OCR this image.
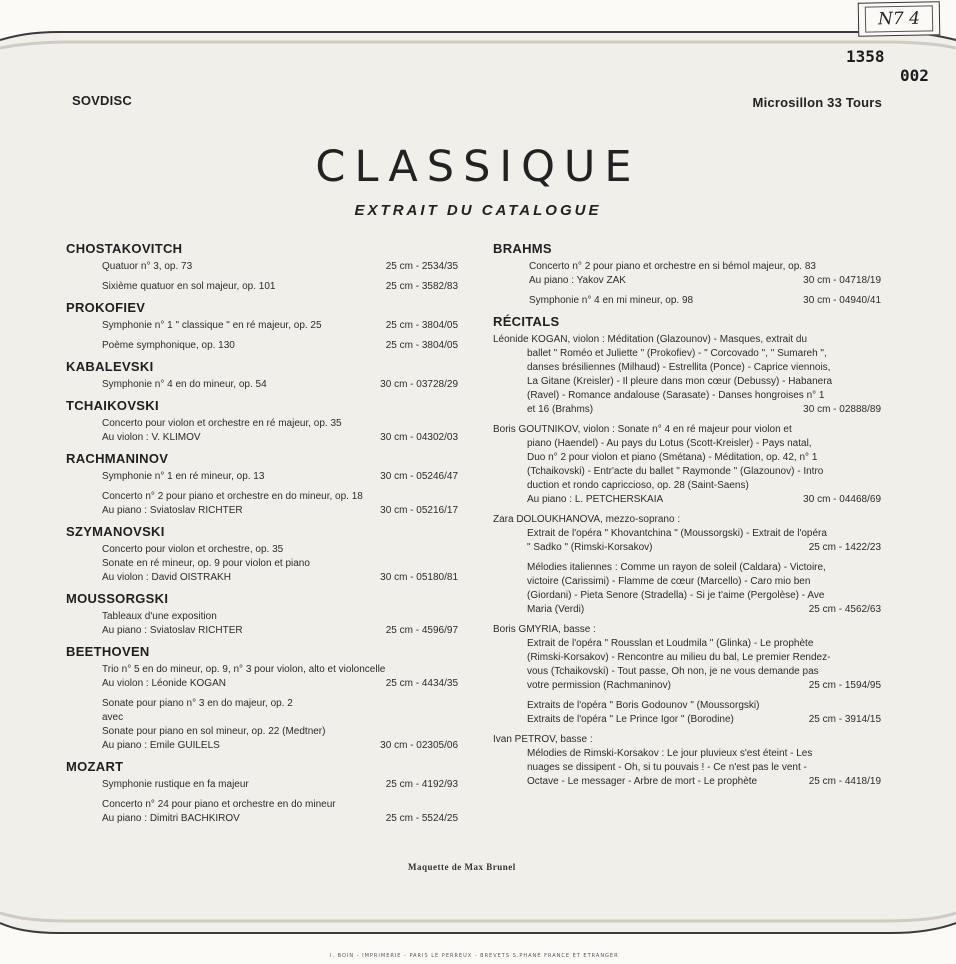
N7 4
1358
002
SOVDISC	Microsillon 33 Tours
CLASSIQUE
EXTRAIT DU CATALOGUE
CHOSTAKOVITCH
Quatuor n° 3, op. 73	25 cm - 2534/35
Sixième quatuor en sol majeur, op. 101	25 cm - 3582/83
PROKOFIEV
Symphonie n° 1 " classique " en ré majeur, op. 25	25 cm - 3804/05
Poème symphonique, op. 130	25 cm - 3804/05
KABALEVSKI
Symphonie n° 4 en do mineur, op. 54	30 cm - 03728/29
TCHAIKOVSKI
Concerto pour violon et orchestre en ré majeur, op. 35
Au violon : V. KLIMOV	30 cm - 04302/03
RACHMANINOV
Symphonie n° 1 en ré mineur, op. 13	30 cm - 05246/47
Concerto n° 2 pour piano et orchestre en do mineur, op. 18
Au piano : Sviatoslav RICHTER	30 cm - 05216/17
SZYMANOVSKI
Concerto pour violon et orchestre, op. 35
Sonate en ré mineur, op. 9 pour violon et piano
Au violon : David OISTRAKH	30 cm - 05180/81
MOUSSORGSKI
Tableaux d'une exposition
Au piano : Sviatoslav RICHTER	25 cm - 4596/97
BEETHOVEN
Trio n° 5 en do mineur, op. 9, n° 3 pour violon, alto et violoncelle
Au violon : Léonide KOGAN	25 cm - 4434/35
Sonate pour piano n° 3 en do majeur, op. 2
avec
Sonate pour piano en sol mineur, op. 22 (Medtner)
Au piano : Emile GUILELS	30 cm - 02305/06
MOZART
Symphonie rustique en fa majeur	25 cm - 4192/93
Concerto n° 24 pour piano et orchestre en do mineur
Au piano : Dimitri BACHKIROV	25 cm - 5524/25
BRAHMS
Concerto n° 2 pour piano et orchestre en si bémol majeur, op. 83
Au piano : Yakov ZAK	30 cm - 04718/19
Symphonie n° 4 en mi mineur, op. 98	30 cm - 04940/41
RÉCITALS
Léonide KOGAN, violon : Méditation (Glazounov) - Masques, extrait du
ballet " Roméo et Juliette " (Prokofiev) - " Corcovado ", " Sumareh ",
danses brésiliennes (Milhaud) - Estrellita (Ponce) - Caprice viennois,
La Gitane (Kreisler) - Il pleure dans mon cœur (Debussy) - Habanera
(Ravel) - Romance andalouse (Sarasate) - Danses hongroises n° 1
et 16 (Brahms)	30 cm - 02888/89
Boris GOUTNIKOV, violon : Sonate n° 4 en ré majeur pour violon et
piano (Haendel) - Au pays du Lotus (Scott-Kreisler) - Pays natal,
Duo n° 2 pour violon et piano (Smétana) - Méditation, op. 42, n° 1
(Tchaikovski) - Entr'acte du ballet " Raymonde " (Glazounov) - Intro
duction et rondo capriccioso, op. 28 (Saint-Saens)
Au piano : L. PETCHERSKAIA	30 cm - 04468/69
Zara DOLOUKHANOVA, mezzo-soprano :
Extrait de l'opéra " Khovantchina " (Moussorgski) - Extrait de l'opéra
" Sadko " (Rimski-Korsakov)	25 cm - 1422/23
Mélodies italiennes : Comme un rayon de soleil (Caldara) - Victoire,
victoire (Carissimi) - Flamme de cœur (Marcello) - Caro mio ben
(Giordani) - Pieta Senore (Stradella) - Si je t'aime (Pergolèse) - Ave
Maria (Verdi)	25 cm - 4562/63
Boris GMYRIA, basse :
Extrait de l'opéra " Rousslan et Loudmila " (Glinka) - Le prophète
(Rimski-Korsakov) - Rencontre au milieu du bal, Le premier Rendez-
vous (Tchaikovski) - Tout passe, Oh non, je ne vous demande pas
votre permission (Rachmaninov)	25 cm - 1594/95
Extraits de l'opéra " Boris Godounov " (Moussorgski)
Extraits de l'opéra " Le Prince Igor " (Borodine)	25 cm - 3914/15
Ivan PETROV, basse :
Mélodies de Rimski-Korsakov : Le jour pluvieux s'est éteint - Les
nuages se dissipent - Oh, si tu pouvais ! - Ce n'est pas le vent -
Octave - Le messager - Arbre de mort - Le prophète	25 cm - 4418/19
Maquette de Max Brunel
I. BOIN - IMPRIMERIE - PARIS LE PERREUX - BREVETS S.PHANE FRANCE ET ETRANGER
